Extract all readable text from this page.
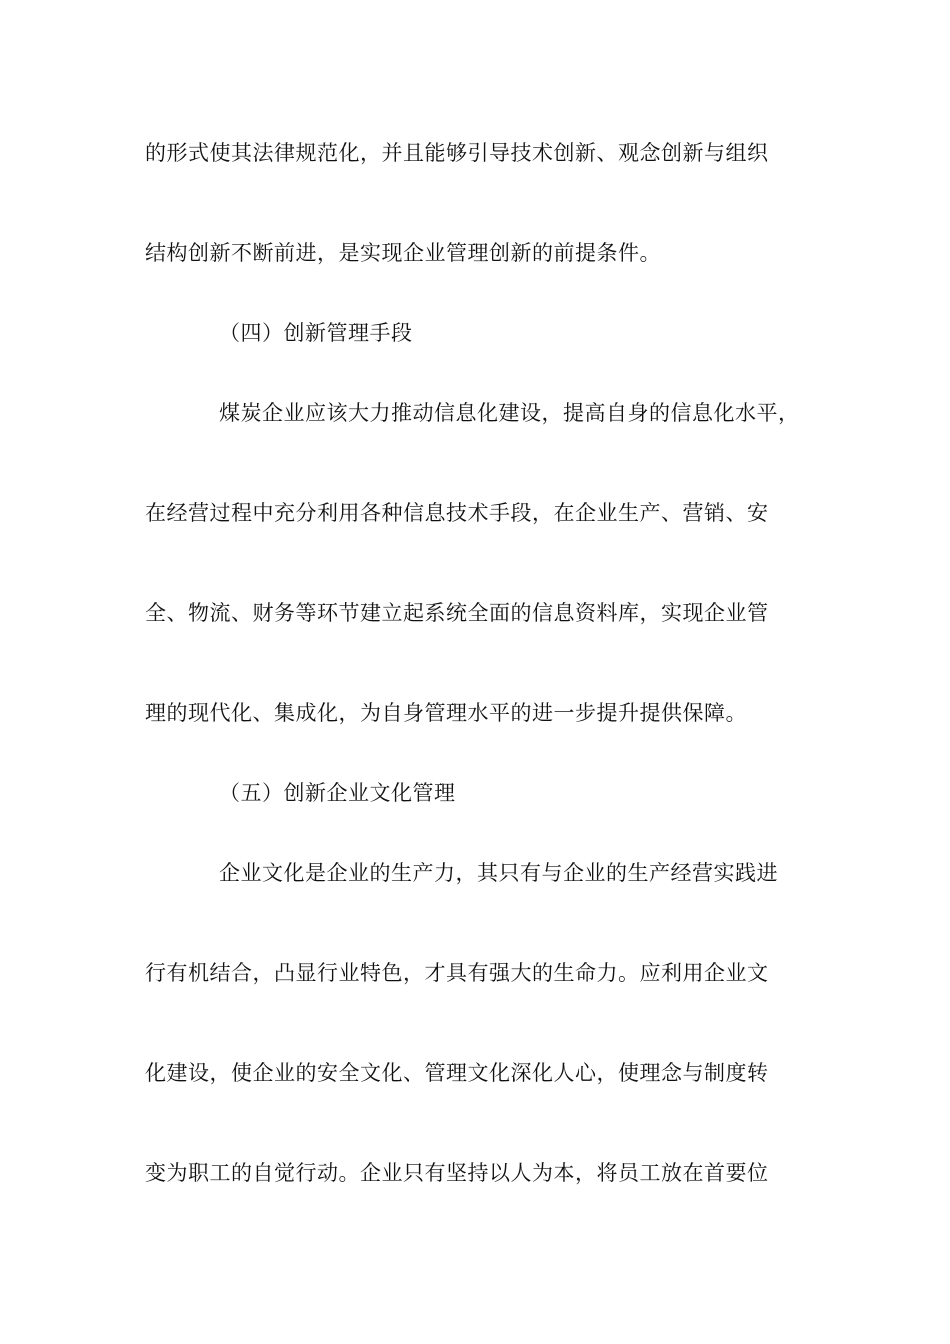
的形式使其法律规范化，并且能够引导技术创新、观念创新与组织
结构创新不断前进，是实现企业管理创新的前提条件。
（四）创新管理手段
煤炭企业应该大力推动信息化建设，提高自身的信息化水平，
在经营过程中充分利用各种信息技术手段，在企业生产、营销、安
全、物流、财务等环节建立起系统全面的信息资料库，实现企业管
理的现代化、集成化，为自身管理水平的进一步提升提供保障。
（五）创新企业文化管理
企业文化是企业的生产力，其只有与企业的生产经营实践进
行有机结合，凸显行业特色，才具有强大的生命力。应利用企业文
化建设，使企业的安全文化、管理文化深化人心，使理念与制度转
变为职工的自觉行动。企业只有坚持以人为本，将员工放在首要位
